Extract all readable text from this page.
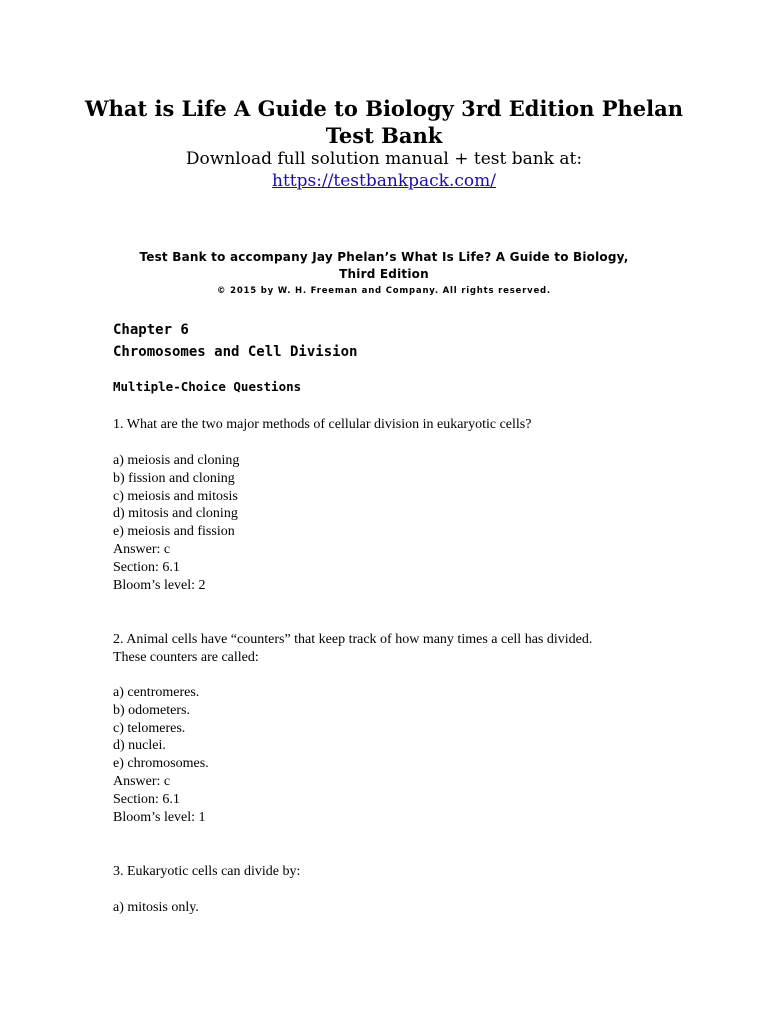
What is Life A Guide to Biology 3rd Edition Phelan
Test Bank
Download full solution manual + test bank at:
https://testbankpack.com/
Test Bank to accompany Jay Phelan’s What Is Life? A Guide to Biology,
Third Edition
© 2015 by W. H. Freeman and Company. All rights reserved.
Chapter 6
Chromosomes and Cell Division
Multiple-Choice Questions
1. What are the two major methods of cellular division in eukaryotic cells?
a) meiosis and cloning
b) fission and cloning
c) meiosis and mitosis
d) mitosis and cloning
e) meiosis and fission
Answer: c
Section: 6.1
Bloom’s level: 2
2. Animal cells have “counters” that keep track of how many times a cell has divided.
These counters are called:
a) centromeres.
b) odometers.
c) telomeres.
d) nuclei.
e) chromosomes.
Answer: c
Section: 6.1
Bloom’s level: 1
3. Eukaryotic cells can divide by:
a) mitosis only.
